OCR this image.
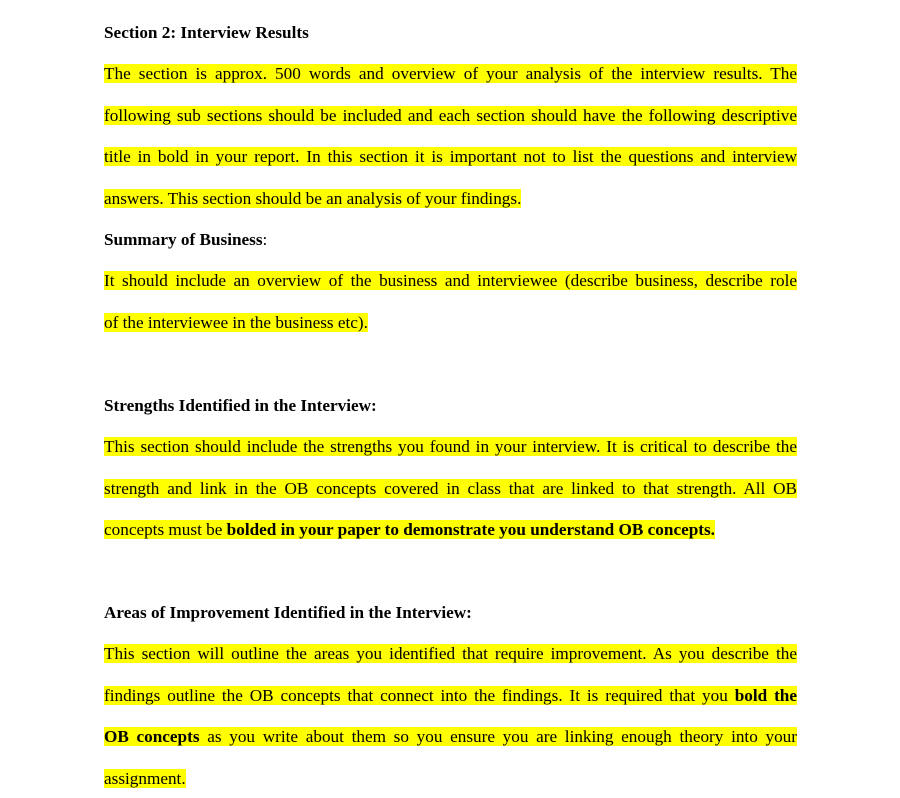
Section 2: Interview Results
The section is approx. 500 words and overview of your analysis of the interview results. The
following sub sections should be included and each section should have the following descriptive
title in bold in your report. In this section it is important not to list the questions and interview
answers. This section should be an analysis of your findings.
Summary of Business:
It should include an overview of the business and interviewee (describe business, describe role
of the interviewee in the business etc).
Strengths Identified in the Interview:
This section should include the strengths you found in your interview. It is critical to describe the
strength and link in the OB concepts covered in class that are linked to that strength. All OB
concepts must be bolded in your paper to demonstrate you understand OB concepts.
Areas of Improvement Identified in the Interview:
This section will outline the areas you identified that require improvement. As you describe the
findings outline the OB concepts that connect into the findings. It is required that you bold the
OB concepts as you write about them so you ensure you are linking enough theory into your
assignment.
